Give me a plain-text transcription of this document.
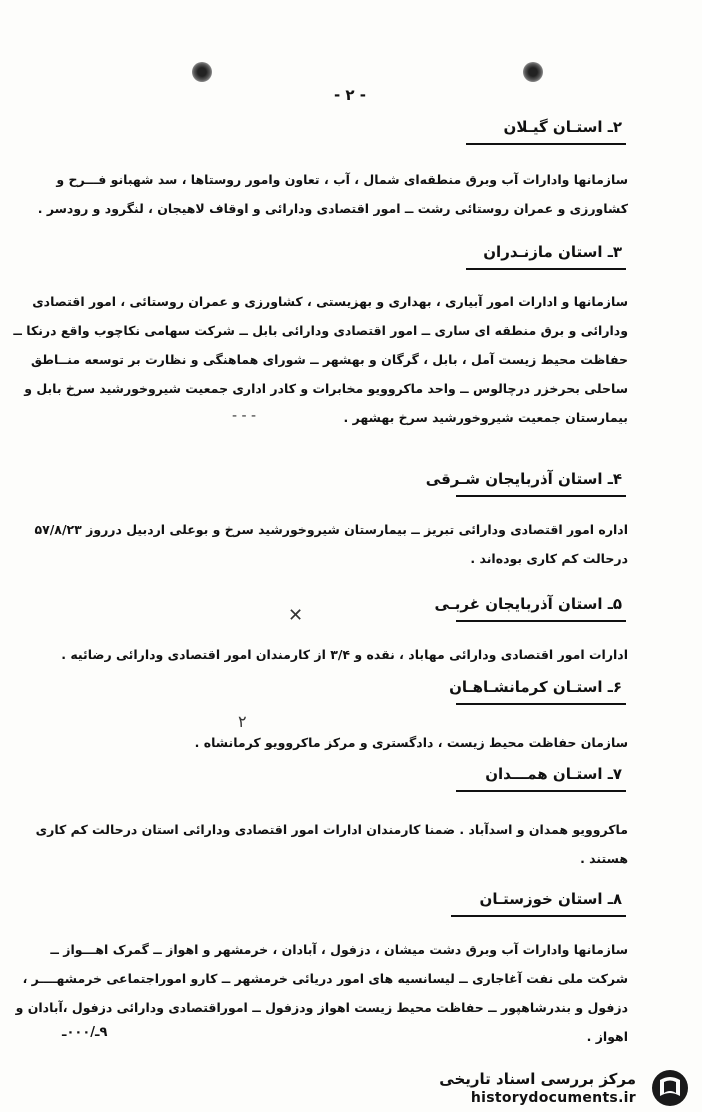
- ۲ -
۲ـ استـان گیـلان
سازمانها وادارات آب وبرق منطقه‌ای شمال ، آب ، تعاون وامور روستاها ، سد شهبانو فـــرح و
کشاورزی و عمران روستائی رشت ــ امور اقتصادی ودارائی و اوقاف لاهیجان ، لنگرود و رودسر .
۳ـ استان مازنـدران
سازمانها و ادارات امور آبیاری ، بهداری و بهزیستی ، کشاورزی و عمران روستائی ، امور اقتصادی
ودارائی و برق منطقه ای ساری ــ امور اقتصادی ودارائی بابل ــ شرکت سهامی نکاچوب واقع درنکا ــ
حفاظت محیط زیست آمل ، بابل ، گرگان و بهشهر ــ شورای هماهنگی و نظارت بر توسعه منــاطق
ساحلی بحرخزر درچالوس ــ واحد ماکروویو مخابرات و کادر اداری جمعیت شیروخورشید سرخ بابل و
بیمارستان جمعیت شیروخورشید سرخ بهشهر .
‑ ‑ ‑
۴ـ استان آذربایجان شـرقی
اداره امور اقتصادی ودارائی تبریز ــ بیمارستان شیروخورشید سرخ و بوعلی اردبیل درروز ۵۷/۸/۲۳
درحالت کم کاری بوده‌اند .
✕
۵ـ استان آذربایجان غربـی
ادارات امور اقتصادی ودارائی مهاباد ، نقده و ۳/۴ از کارمندان امور اقتصادی ودارائی رضائیه .
۶ـ استـان کرمانشـاهـان
۲
سازمان حفاظت محیط زیست ، دادگستری و مرکز ماکروویو کرمانشاه .
۷ـ استـان همـــدان
ماکروویو همدان و اسدآباد . ضمنا کارمندان ادارات امور اقتصادی ودارائی استان درحالت کم کاری
هستند .
۸ـ استان خوزستـان
سازمانها وادارات آب وبرق دشت میشان ، دزفول ، آبادان ، خرمشهر و اهواز ــ گمرک اهـــواز ــ
شرکت ملی نفت آغاجاری ــ لیسانسیه های امور دریائی خرمشهر ــ کارو اموراجتماعی خرمشهــــر ،
دزفول و بندرشاهپور ــ حفاظت محیط زیست اهواز ودزفول ــ اموراقتصادی ودارائی دزفول ،آبادان و
اهواز .
۹ـ/۰۰۰ـ
مرکز بررسی اسناد تاریخی
historydocuments.ir
